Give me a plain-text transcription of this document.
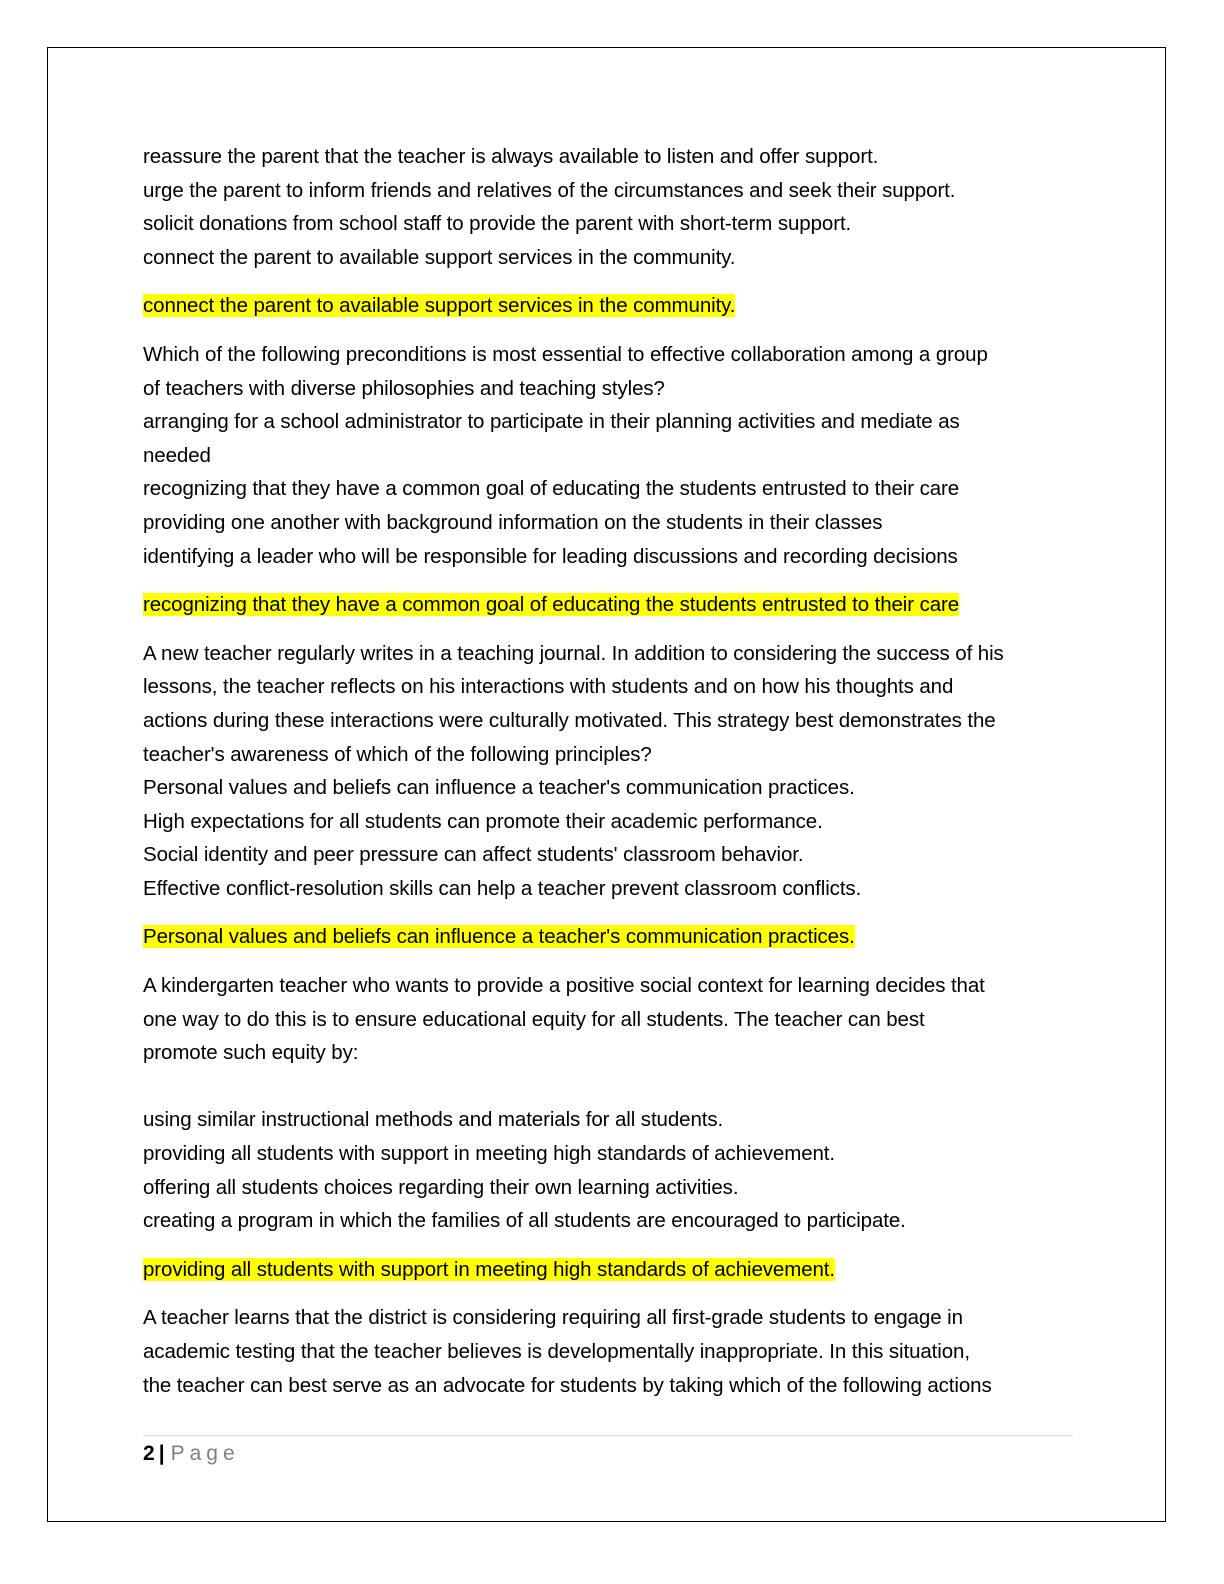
reassure the parent that the teacher is always available to listen and offer support.
urge the parent to inform friends and relatives of the circumstances and seek their support.
solicit donations from school staff to provide the parent with short-term support.
connect the parent to available support services in the community.
connect the parent to available support services in the community.
Which of the following preconditions is most essential to effective collaboration among a group
of teachers with diverse philosophies and teaching styles?
arranging for a school administrator to participate in their planning activities and mediate as
needed
recognizing that they have a common goal of educating the students entrusted to their care
providing one another with background information on the students in their classes
identifying a leader who will be responsible for leading discussions and recording decisions
recognizing that they have a common goal of educating the students entrusted to their care
A new teacher regularly writes in a teaching journal. In addition to considering the success of his
lessons, the teacher reflects on his interactions with students and on how his thoughts and
actions during these interactions were culturally motivated. This strategy best demonstrates the
teacher's awareness of which of the following principles?
Personal values and beliefs can influence a teacher's communication practices.
High expectations for all students can promote their academic performance.
Social identity and peer pressure can affect students' classroom behavior.
Effective conflict-resolution skills can help a teacher prevent classroom conflicts.
Personal values and beliefs can influence a teacher's communication practices.
A kindergarten teacher who wants to provide a positive social context for learning decides that
one way to do this is to ensure educational equity for all students. The teacher can best
promote such equity by:
using similar instructional methods and materials for all students.
providing all students with support in meeting high standards of achievement.
offering all students choices regarding their own learning activities.
creating a program in which the families of all students are encouraged to participate.
providing all students with support in meeting high standards of achievement.
A teacher learns that the district is considering requiring all first-grade students to engage in
academic testing that the teacher believes is developmentally inappropriate. In this situation,
the teacher can best serve as an advocate for students by taking which of the following actions
2 | Page
